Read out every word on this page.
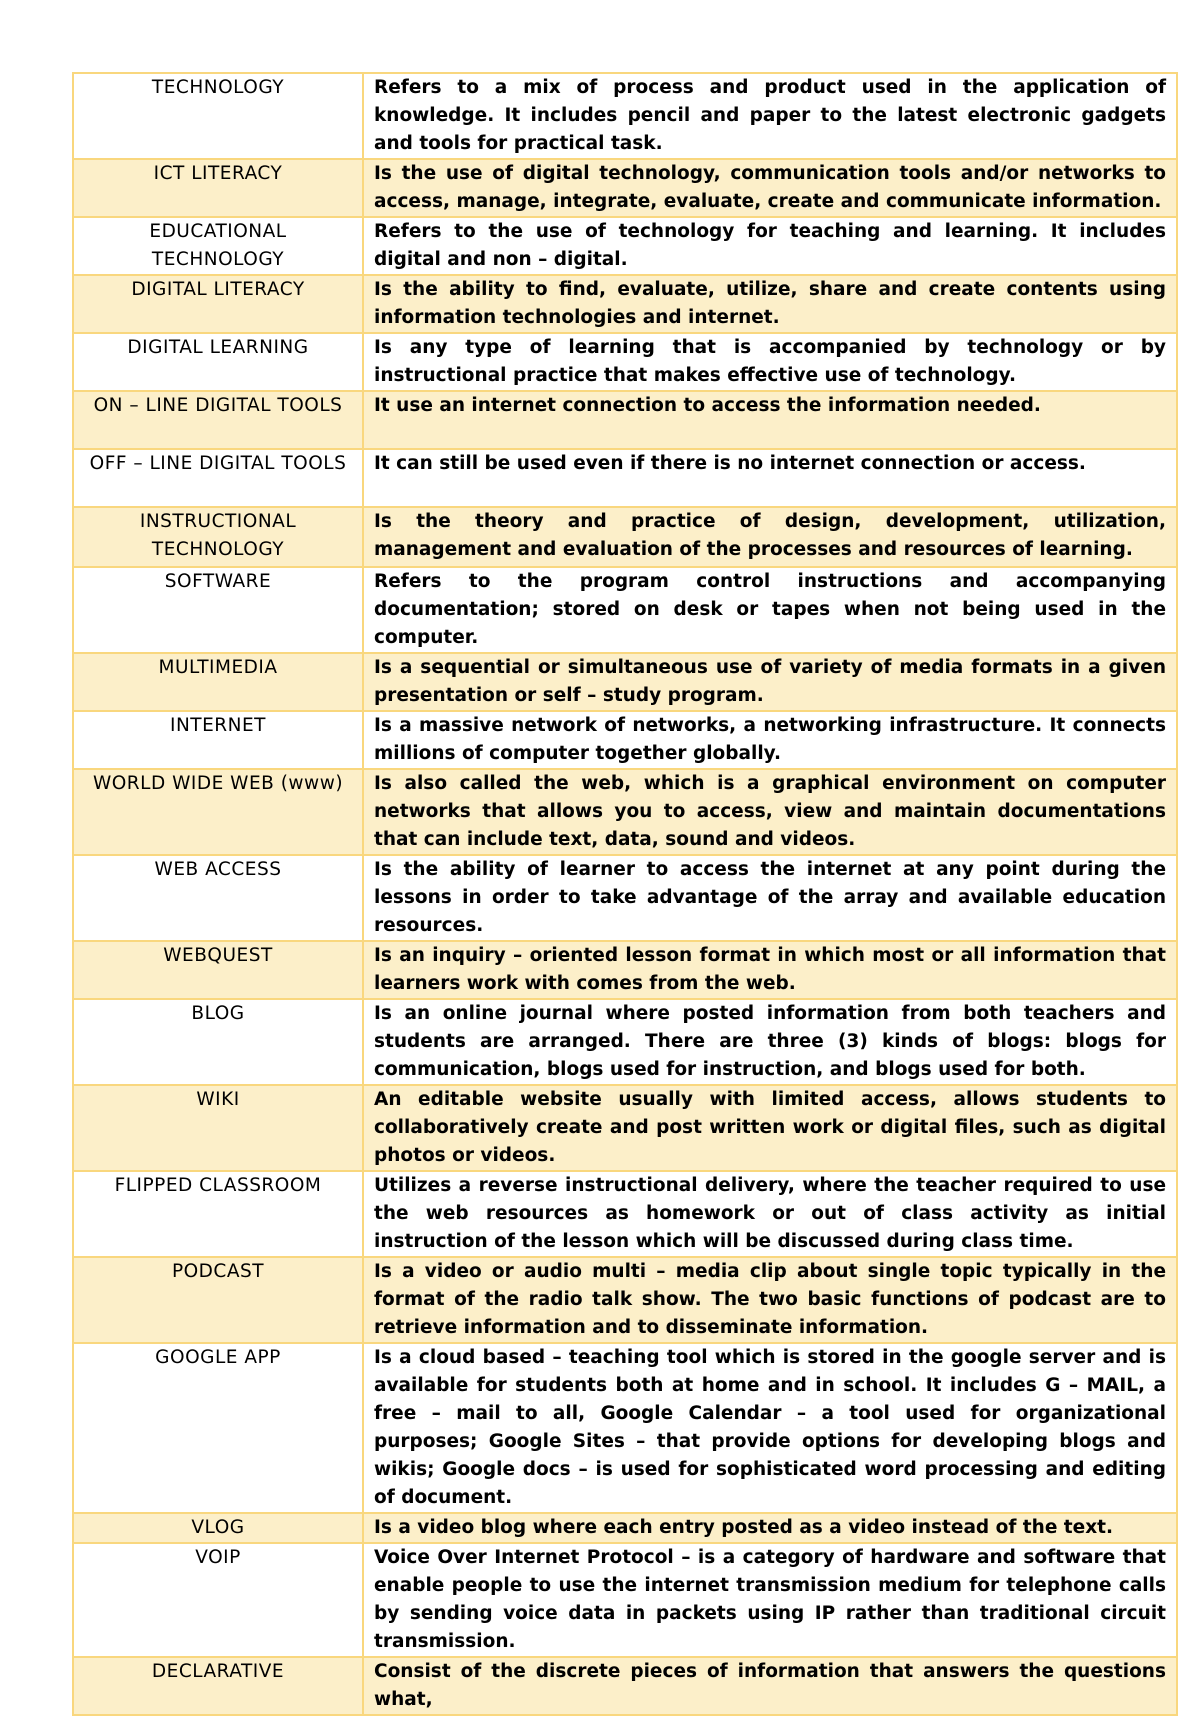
TECHNOLOGY	Refers to a mix of process and product used in the application of knowledge. It includes pencil and paper to the latest electronic gadgets and tools for practical task.
ICT LITERACY	Is the use of digital technology, communication tools and/or networks to access, manage, integrate, evaluate, create and communicate information.
EDUCATIONAL TECHNOLOGY	Refers to the use of technology for teaching and learning. It includes digital and non – digital.
DIGITAL LITERACY	Is the ability to find, evaluate, utilize, share and create contents using information technologies and internet.
DIGITAL LEARNING	Is any type of learning that is accompanied by technology or by instructional practice that makes effective use of technology.
ON – LINE DIGITAL TOOLS	It use an internet connection to access the information needed.
OFF – LINE DIGITAL TOOLS	It can still be used even if there is no internet connection or access.
INSTRUCTIONAL TECHNOLOGY	Is the theory and practice of design, development, utilization, management and evaluation of the processes and resources of learning.
SOFTWARE	Refers to the program control instructions and accompanying documentation; stored on desk or tapes when not being used in the computer.
MULTIMEDIA	Is a sequential or simultaneous use of variety of media formats in a given presentation or self – study program.
INTERNET	Is a massive network of networks, a networking infrastructure. It connects millions of computer together globally.
WORLD WIDE WEB (www)	Is also called the web, which is a graphical environment on computer networks that allows you to access, view and maintain documentations that can include text, data, sound and videos.
WEB ACCESS	Is the ability of learner to access the internet at any point during the lessons in order to take advantage of the array and available education resources.
WEBQUEST	Is an inquiry – oriented lesson format in which most or all information that learners work with comes from the web.
BLOG	Is an online journal where posted information from both teachers and students are arranged. There are three (3) kinds of blogs: blogs for communication, blogs used for instruction, and blogs used for both.
WIKI	An editable website usually with limited access, allows students to collaboratively create and post written work or digital files, such as digital photos or videos.
FLIPPED CLASSROOM	Utilizes a reverse instructional delivery, where the teacher required to use the web resources as homework or out of class activity as initial instruction of the lesson which will be discussed during class time.
PODCAST	Is a video or audio multi – media clip about single topic typically in the format of the radio talk show. The two basic functions of podcast are to retrieve information and to disseminate information.
GOOGLE APP	Is a cloud based – teaching tool which is stored in the google server and is available for students both at home and in school. It includes G – MAIL, a free – mail to all, Google Calendar – a tool used for organizational purposes; Google Sites – that provide options for developing blogs and wikis; Google docs – is used for sophisticated word processing and editing of document.
VLOG	Is a video blog where each entry posted as a video instead of the text.
VOIP	Voice Over Internet Protocol – is a category of hardware and software that enable people to use the internet transmission medium for telephone calls by sending voice data in packets using IP rather than traditional circuit transmission.
DECLARATIVE	Consist of the discrete pieces of information that answers the questions what,
